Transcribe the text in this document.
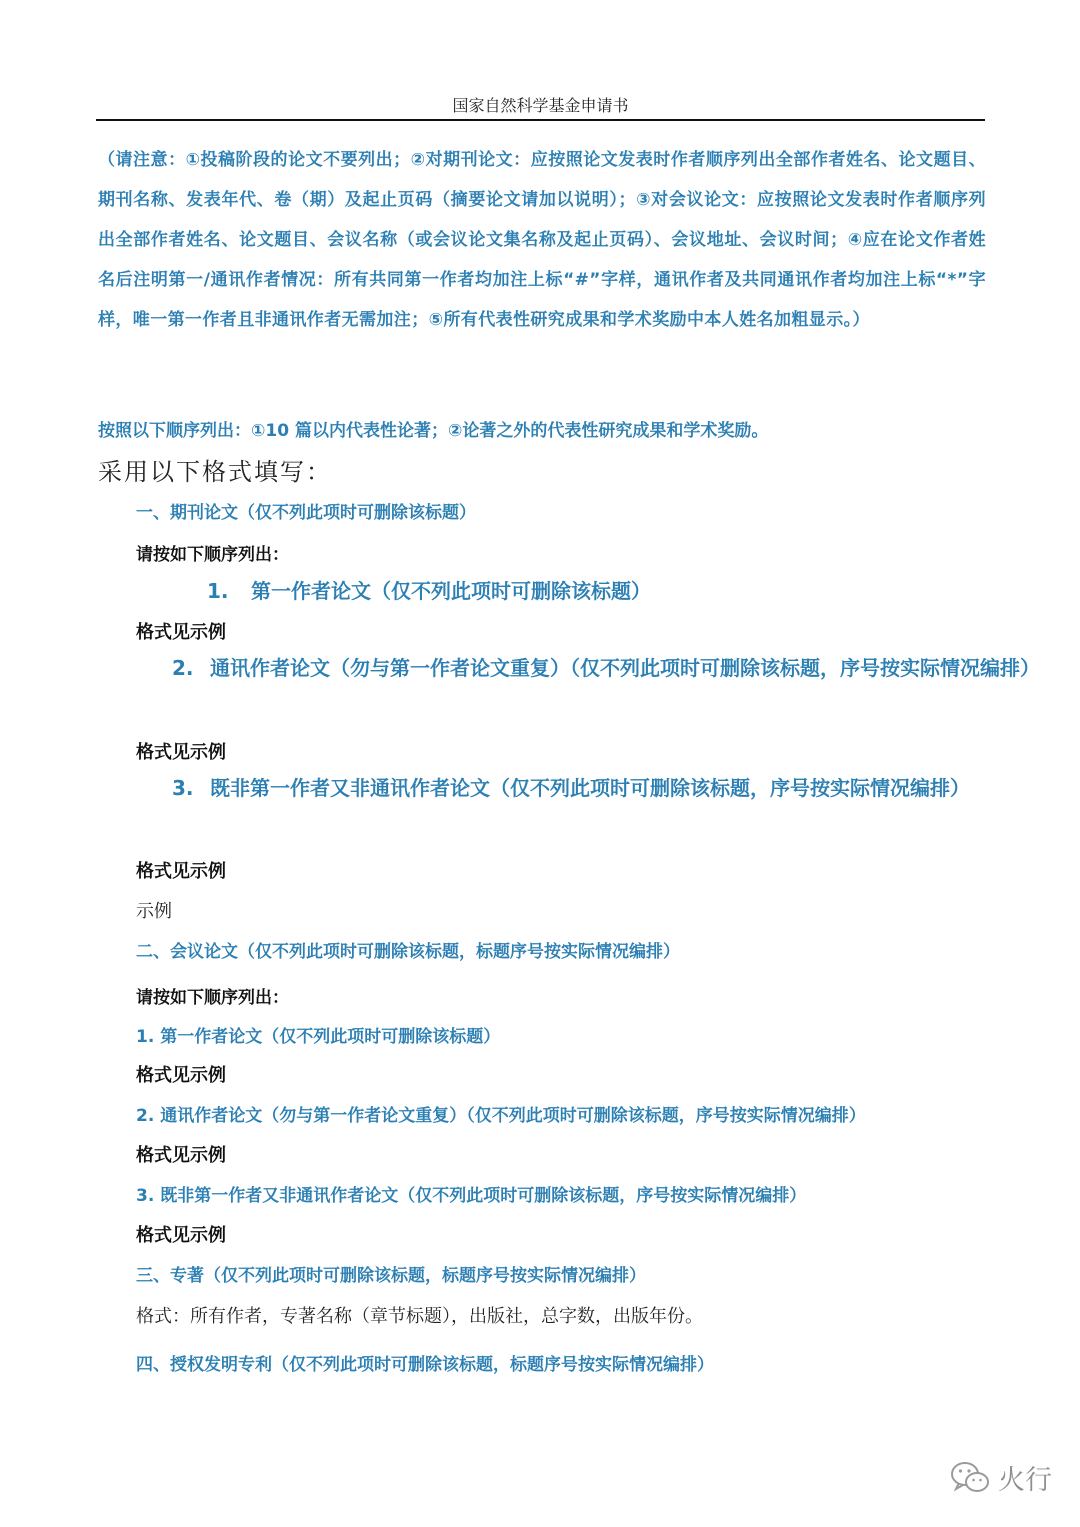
国家自然科学基金申请书
（请注意：①投稿阶段的论文不要列出；②对期刊论文：应按照论文发表时作者顺序列出全部作者姓名、论文题目、期刊名称、发表年代、卷（期）及起止页码（摘要论文请加以说明）；③对会议论文：应按照论文发表时作者顺序列出全部作者姓名、论文题目、会议名称（或会议论文集名称及起止页码）、会议地址、会议时间；④应在论文作者姓名后注明第一/通讯作者情况：所有共同第一作者均加注上标“#”字样，通讯作者及共同通讯作者均加注上标“*”字样，唯一第一作者且非通讯作者无需加注；⑤所有代表性研究成果和学术奖励中本人姓名加粗显示。）
按照以下顺序列出：①10 篇以内代表性论著；②论著之外的代表性研究成果和学术奖励。
采用以下格式填写：
一、期刊论文（仅不列此项时可删除该标题）
请按如下顺序列出：
1. 第一作者论文（仅不列此项时可删除该标题）
格式见示例
2. 通讯作者论文（勿与第一作者论文重复）（仅不列此项时可删除该标题，序号按实际情况编排）
格式见示例
3. 既非第一作者又非通讯作者论文（仅不列此项时可删除该标题，序号按实际情况编排）
格式见示例
示例
二、会议论文（仅不列此项时可删除该标题，标题序号按实际情况编排）
请按如下顺序列出：
1. 第一作者论文（仅不列此项时可删除该标题）
格式见示例
2. 通讯作者论文（勿与第一作者论文重复）（仅不列此项时可删除该标题，序号按实际情况编排）
格式见示例
3. 既非第一作者又非通讯作者论文（仅不列此项时可删除该标题，序号按实际情况编排）
格式见示例
三、专著（仅不列此项时可删除该标题，标题序号按实际情况编排）
格式：所有作者，专著名称（章节标题），出版社，总字数，出版年份。
四、授权发明专利（仅不列此项时可删除该标题，标题序号按实际情况编排）
火行
